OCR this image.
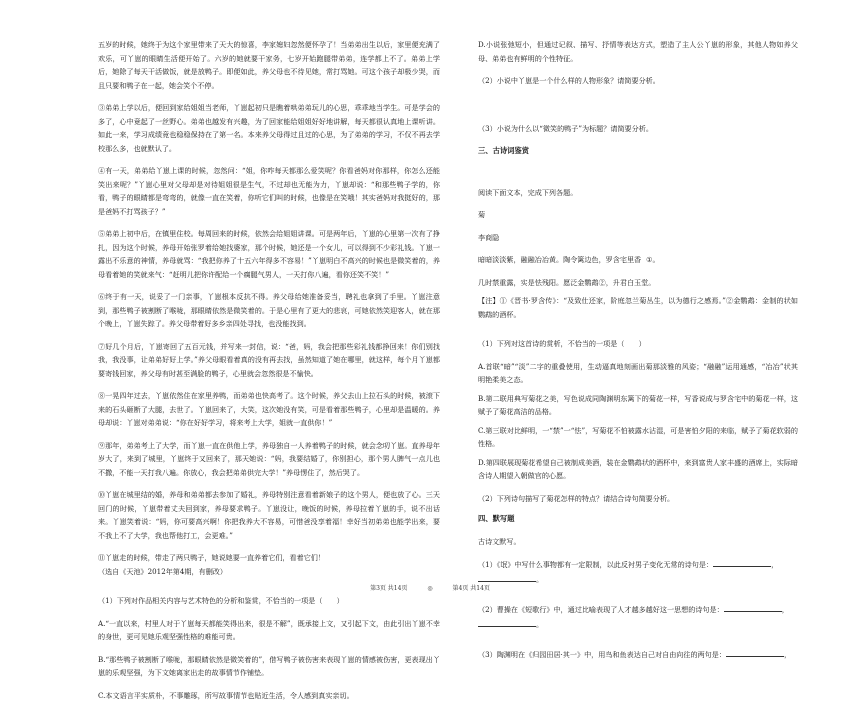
五岁的时候，她终于为这个家里带来了天大的惊喜，李家媳妇忽然便怀孕了！当弟弟出生以后，家里便充满了欢乐，可丫崽的眼睛生活便开始了。六岁的她就要干家务，七岁开始跑腿带弟弟，连学都上不了。弟弟上学后，她除了每天干活做饭，就是放鸭子。即便如此，养父母也不待见她，常打骂她。可这个孩子却极少哭，而且只要和鸭子在一起，她会笑个不停。

③弟弟上学以后，便回到家给姐姐当老师，丫崽起初只是瞧着哄弟弟玩儿的心思，乖乖地当学生。可是学会的多了，心中竟起了一丝野心。弟弟也越发有兴趣，为了回家能给姐姐好好地讲解，每天都很认真地上课听讲。如此一来，学习成绩竟也稳稳保持在了第一名。本来养父母得过且过的心思，为了弟弟的学习，不仅不再去学校那么多，也就默认了。

④有一天，弟弟给丫崽上课的时候，忽然问：“姐，你咋每天都那么爱笑呢？你看爸妈对你那样，你怎么还能笑出来呢？”丫崽心里对父母却是对待姐姐很是生气，不过却也无能为力，丫崽却说：“和那些鸭子学的，你看，鸭子的眼睛都是弯弯的，就像一直在笑着，你听它们叫的时候，也像是在笑哦！其实爸妈对我挺好的，那是爸妈不打骂孩子？”

⑤弟弟上初中后，在镇里住校。每周回来的时候，依然会给姐姐讲课。可是两年后，丫崽的心里第一次有了挣扎，因为这个时候，养母开始张罗着给她找婆家，那个时候，她还是一个女儿，可以得到不少彩礼钱。丫崽一露出不乐意的神情，养母就骂：“我把你养了十五六年得多不容易！”丫崽明白不高兴的时候也是微笑着的，养母看着她的笑就来气：“赶明儿把你许配给一个瘸腿气男人，一天打你八遍，看你还笑不笑！”

⑥终于有一天，说妥了一门亲事，丫崽根本反抗不得。养父母给她准备妥当，聘礼也拿到了手里。丫崽注意到，那些鸭子被割断了喉咙，那眼睛依然是微笑着的。于是心里有了更大的悲哀，可她依然笑迎客人，就在那个晚上，丫崽失踪了。养父母带着好多乡亲四处寻找，也没能找到。

⑦好几个月后，丫崽寄回了五百元钱，并写来一封信，说：“爸，妈，我会把那些彩礼钱都挣回来！你们别找我，我没事，让弟弟好好上学。”养父母眼看着真的没有再去找，虽然知道了她在哪里，就这样，每个月丫崽都要寄钱回家，养父母有时甚至满脸的鸭子，心里就会忽然很是不愉快。

⑧一晃四年过去，丫崽依然住在家里养鸭，而弟弟也快高考了。这个时候，养父去山上拉石头的时候，被滚下来的石头砸断了大腿，去世了。丫崽回来了，大笑，这次她没有笑，可是看着那些鸭子，心里却是温暖的。养母却说：丫崽对弟弟说：“你在好好学习，将来考上大学，姐就一直供你！”

⑨那年，弟弟考上了大学，而丫崽一直在供他上学，养母独自一人养着鸭子的时候，就会念叨丫崽。直养母年岁大了，来到了城里，丫崽终于又回来了，那天她说：“妈，我要结婚了，你别担心，那个男人脾气一点儿也不撒，不能一天打我八遍。你放心，我会把弟弟供完大学！”养母愣住了，然后哭了。

⑩丫崽在城里结的婚，养母和弟弟都去参加了婚礼，养母特别注意看着新娘子的这个男人，便也放了心。三天回门的时候，丫崽带着丈夫回到家，养母要求鸭子。丫崽没让，晚饭的时候，养母拉着丫崽的手，说不出话来。丫崽笑着说：“妈，你可要高兴啊！你把我养大不容易，可惜爸没享着福！幸好当初弟弟也能学出来，要不我上不了大学，我也帮他打工，会更难。”

⑪丫崽走的时候，带走了两只鸭子，她说她要一直养着它们，看着它们！

（选自《天池》2012年第4期，有删改）

（1）下列对作品相关内容与艺术特色的分析和鉴赏，不恰当的一项是（　　）

A.“一直以来，村里人对于丫崽每天都能笑得出来，很是不解”，既承接上文，又引起下文，由此引出丫崽不幸的身世，更可见她乐观坚强性格的难能可贵。

B.“那些鸭子被割断了喉咙，那眼睛依然是微笑着的”，借写鸭子被伤害来表现丫崽的情感被伤害，更表现出丫崽的乐观坚强，为下文她离家出走的故事情节作铺垫。

C.本文语言平实质朴，不事雕琢，所写故事情节也贴近生活，令人感到真实亲切。

D.小说张弛短小，但通过记叙、描写、抒情等表达方式，塑造了主人公丫崽的形象，其他人物如养父母、弟弟也有鲜明的个性特征。

（2）小说中丫崽是一个什么样的人物形象？请简要分析。

（3）小说为什么以“微笑的鸭子”为标题？请简要分析。

三、古诗词鉴赏

阅读下面文本，完成下列各题。

菊

李商隐

暗暗淡淡紫，融融冶冶黄。陶令篱边色，罗含宅里香 ①。

几时禁重露，实是怯残阳。愿泛金鹦鹉②，升君白玉堂。

【注】①《晋书·罗含传》：“及致仕还家，阶庭忽兰菊丛生，以为德行之感焉。”②金鹦鹉：金制的状如鹦鹉的酒杯。

（1）下列对这首诗的赏析，不恰当的一项是（　　）

A.首联“暗”“淡”二字的重叠使用，生动逼真地刻画出菊那淡雅的风姿；“融融”运用通感，“冶冶”状其明艳柔美之态。

B.第二联用典写菊花之美，写色说成同陶渊明东篱下的菊花一样，写香说成与罗含宅中的菊花一样，这赋予了菊花高洁的品格。

C.第三联对比鲜明，一“禁”一“怯”，写菊花不怕被露水沾湿，可是害怕夕阳的来临，赋予了菊花软弱的性格。

D.第四联展现菊花希望自己被制成美酒，装在金鹦鹉状的酒杯中，来到富贵人家丰盛的酒席上，实际暗含诗人期望入朝做官的心愿。

（2）下列诗句描写了菊花怎样的特点？请结合诗句简要分析。

四、默写题

古诗文默写。

（1）《氓》中写什么事物都有一定限制，以此反衬男子变化无常的诗句是：	，

。

（2）曹操在《短歌行》中，通过比喻表现了人才越多越好这一思想的诗句是：	，

。

（3）陶渊明在《归园田居·其一》中，用鸟和鱼表达自己对自由向往的两句是：	，

第3页 共14页	◎	第4页 共14页
